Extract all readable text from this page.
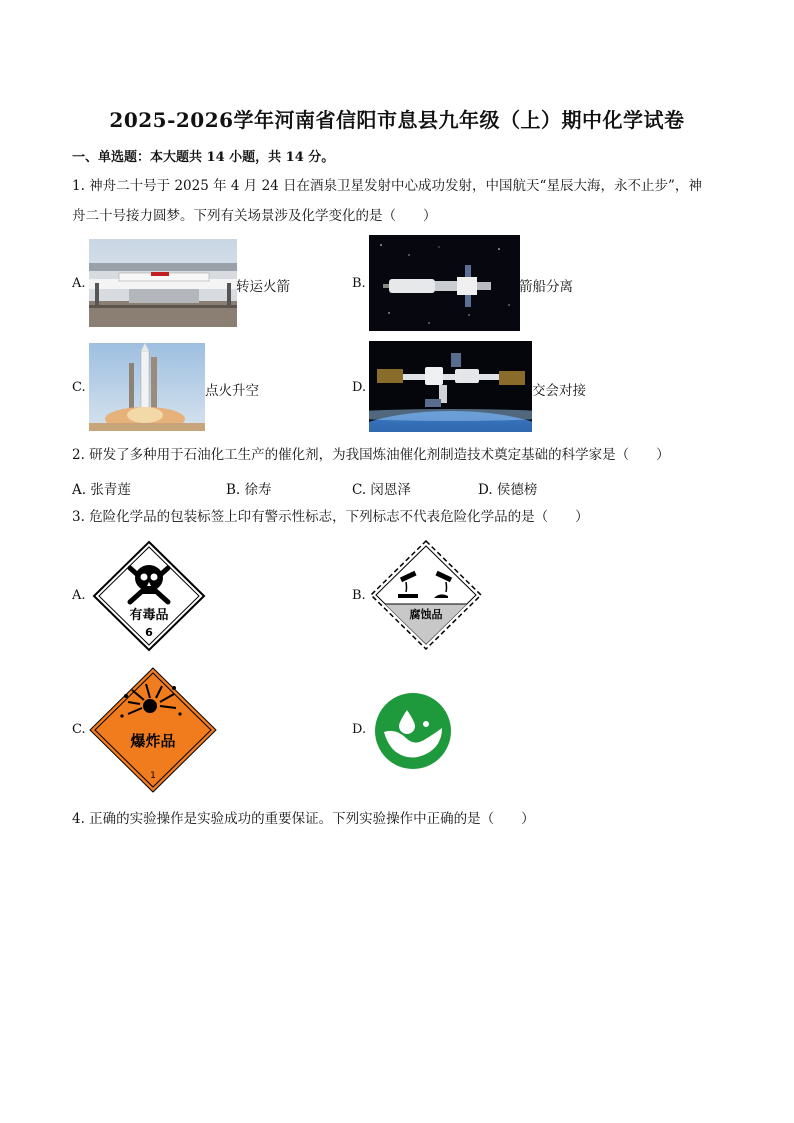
2025-2026学年河南省信阳市息县九年级（上）期中化学试卷
一、单选题：本大题共 14 小题，共 14 分。
1. 神舟二十号于 2025 年 4 月 24 日在酒泉卫星发射中心成功发射，中国航天“星辰大海，永不止步”，神
舟二十号接力圆梦。下列有关场景涉及化学变化的是（　　）
A.	转运火箭	B.	箭船分离
C.	点火升空	D.	交会对接
2. 研发了多种用于石油化工生产的催化剂，为我国炼油催化剂制造技术奠定基础的科学家是（　　）
A. 张青莲	B. 徐寿	C. 闵恩泽	D. 侯德榜
3. 危险化学品的包装标签上印有警示性标志，下列标志不代表危险化学品的是（　　）
A.
有毒品
6
B.
腐蚀品
C.
爆炸品
1
D.
4. 正确的实验操作是实验成功的重要保证。下列实验操作中正确的是（　　）
